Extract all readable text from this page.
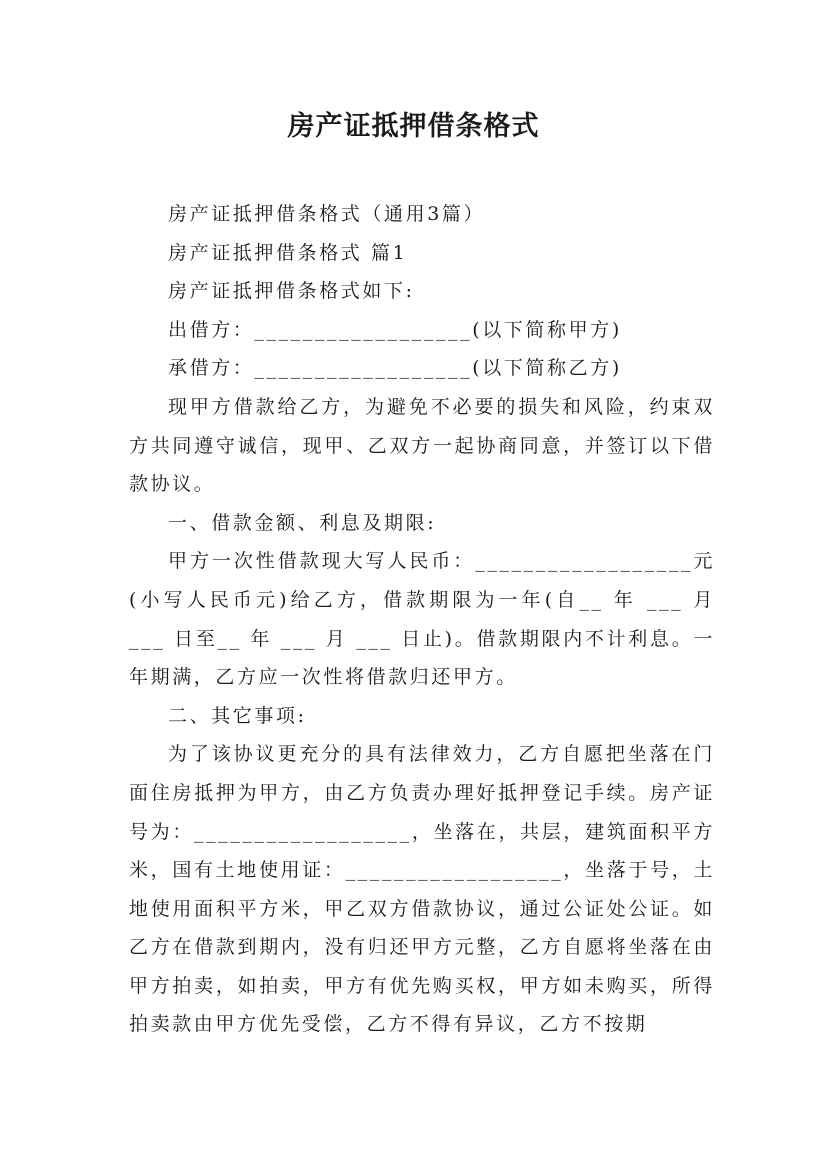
房产证抵押借条格式

房产证抵押借条格式（通用3篇）

房产证抵押借条格式 篇1

房产证抵押借条格式如下:

出借方：__________________(以下简称甲方)

承借方：__________________(以下简称乙方)

现甲方借款给乙方，为避免不必要的损失和风险，约束双方共同遵守诚信，现甲、乙双方一起协商同意，并签订以下借款协议。

一、借款金额、利息及期限:

甲方一次性借款现大写人民币：__________________元(小写人民币元)给乙方，借款期限为一年(自__ 年 ___ 月 ___ 日至__ 年 ___ 月 ___ 日止)。借款期限内不计利息。一年期满，乙方应一次性将借款归还甲方。

二、其它事项:

为了该协议更充分的具有法律效力，乙方自愿把坐落在门面住房抵押为甲方，由乙方负责办理好抵押登记手续。房产证号为：__________________，坐落在，共层，建筑面积平方米，国有土地使用证：__________________，坐落于号，土地使用面积平方米，甲乙双方借款协议，通过公证处公证。如乙方在借款到期内，没有归还甲方元整，乙方自愿将坐落在由甲方拍卖，如拍卖，甲方有优先购买权，甲方如未购买，所得拍卖款由甲方优先受偿，乙方不得有异议，乙方不按期
